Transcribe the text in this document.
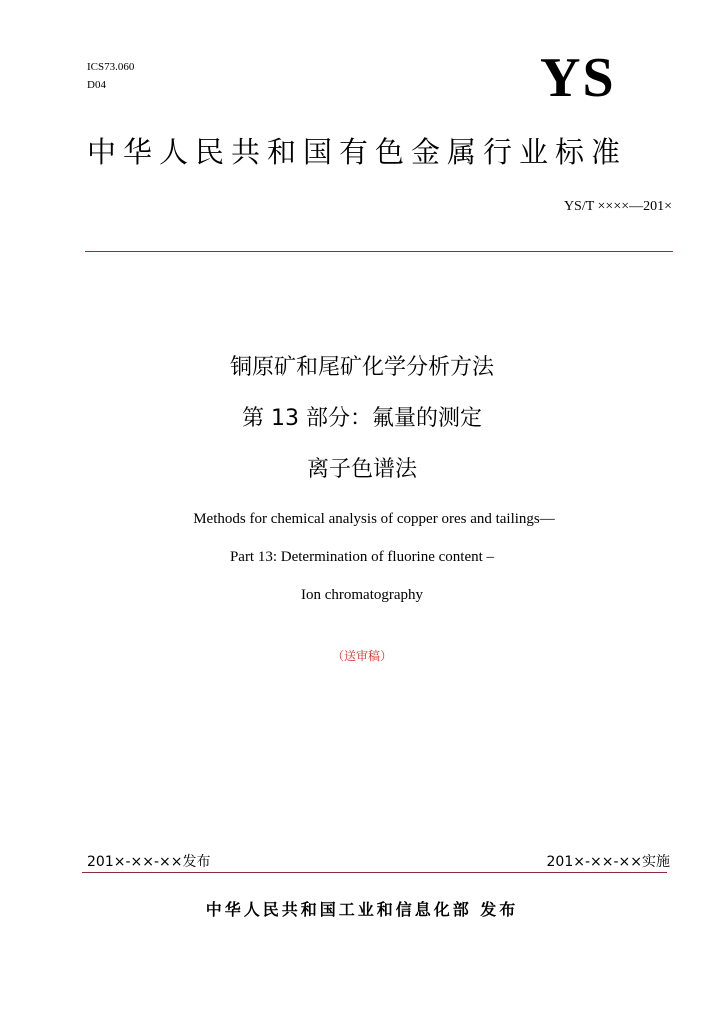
ICS73.060
D04	YS
中华人民共和国有色金属行业标准
YS/T ××××—201×
铜原矿和尾矿化学分析方法
第 13 部分：氟量的测定
离子色谱法
Methods for chemical analysis of copper ores and tailings—
Part 13: Determination of fluorine content –
Ion chromatography
（送审稿）
201×-××-××发布	201×-××-××实施
中华人民共和国工业和信息化部 发布
